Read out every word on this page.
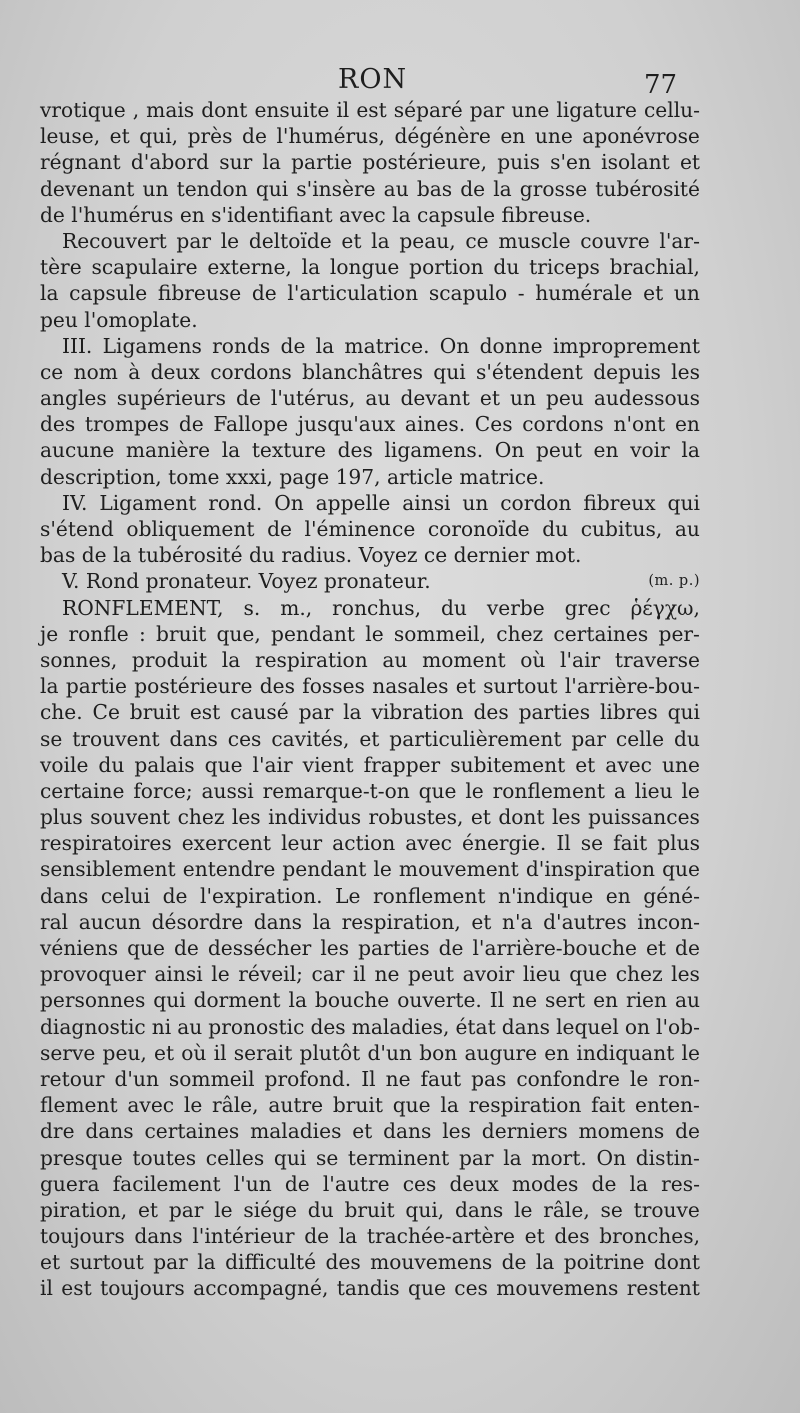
RON	77
vrotique , mais dont ensuite il est séparé par une ligature cellu-
leuse, et qui, près de l'humérus, dégénère en une aponévrose
régnant d'abord sur la partie postérieure, puis s'en isolant et
devenant un tendon qui s'insère au bas de la grosse tubérosité
de l'humérus en s'identifiant avec la capsule fibreuse.
Recouvert par le deltoïde et la peau, ce muscle couvre l'ar-
tère scapulaire externe, la longue portion du triceps brachial,
la capsule fibreuse de l'articulation scapulo - humérale et un
peu l'omoplate.
III. Ligamens ronds de la matrice. On donne improprement
ce nom à deux cordons blanchâtres qui s'étendent depuis les
angles supérieurs de l'utérus, au devant et un peu audessous
des trompes de Fallope jusqu'aux aines. Ces cordons n'ont en
aucune manière la texture des ligamens. On peut en voir la
description, tome xxxi, page 197, article matrice.
IV. Ligament rond. On appelle ainsi un cordon fibreux qui
s'étend obliquement de l'éminence coronoïde du cubitus, au
bas de la tubérosité du radius. Voyez ce dernier mot.
V. Rond pronateur. Voyez pronateur.	(m. p.)
RONFLEMENT, s. m., ronchus, du verbe grec ῥέγχω,
je ronfle : bruit que, pendant le sommeil, chez certaines per-
sonnes, produit la respiration au moment où l'air traverse
la partie postérieure des fosses nasales et surtout l'arrière-bou-
che. Ce bruit est causé par la vibration des parties libres qui
se trouvent dans ces cavités, et particulièrement par celle du
voile du palais que l'air vient frapper subitement et avec une
certaine force; aussi remarque-t-on que le ronflement a lieu le
plus souvent chez les individus robustes, et dont les puissances
respiratoires exercent leur action avec énergie. Il se fait plus
sensiblement entendre pendant le mouvement d'inspiration que
dans celui de l'expiration. Le ronflement n'indique en géné-
ral aucun désordre dans la respiration, et n'a d'autres incon-
véniens que de dessécher les parties de l'arrière-bouche et de
provoquer ainsi le réveil; car il ne peut avoir lieu que chez les
personnes qui dorment la bouche ouverte. Il ne sert en rien au
diagnostic ni au pronostic des maladies, état dans lequel on l'ob-
serve peu, et où il serait plutôt d'un bon augure en indiquant le
retour d'un sommeil profond. Il ne faut pas confondre le ron-
flement avec le râle, autre bruit que la respiration fait enten-
dre dans certaines maladies et dans les derniers momens de
presque toutes celles qui se terminent par la mort. On distin-
guera facilement l'un de l'autre ces deux modes de la res-
piration, et par le siége du bruit qui, dans le râle, se trouve
toujours dans l'intérieur de la trachée-artère et des bronches,
et surtout par la difficulté des mouvemens de la poitrine dont
il est toujours accompagné, tandis que ces mouvemens restent
